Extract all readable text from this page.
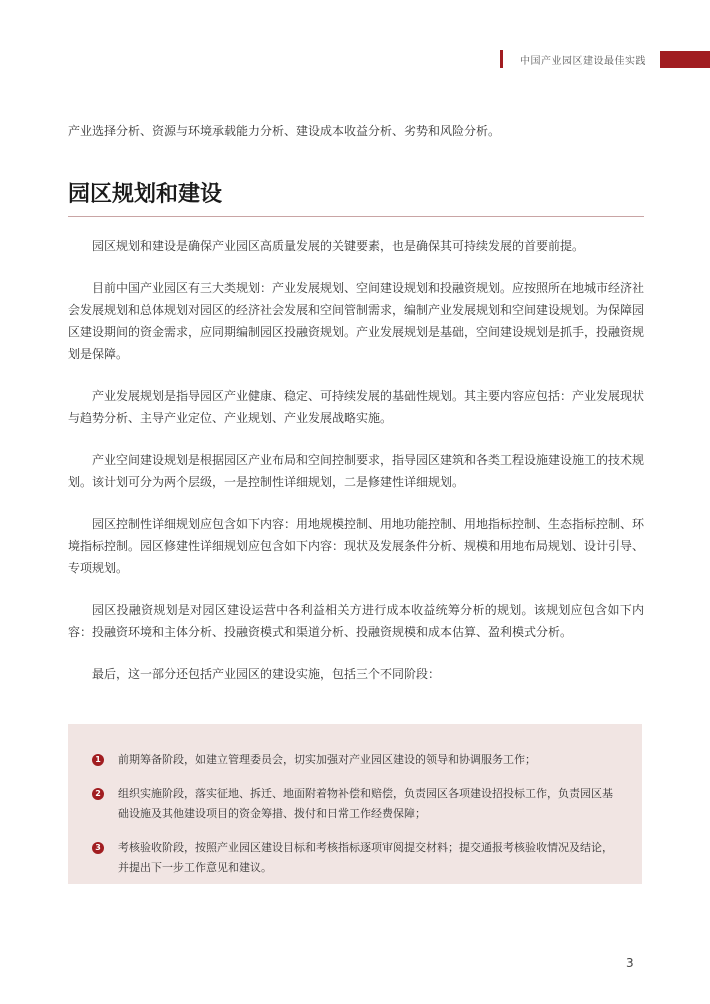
中国产业园区建设最佳实践

产业选择分析、资源与环境承载能力分析、建设成本收益分析、劣势和风险分析。

园区规划和建设

园区规划和建设是确保产业园区高质量发展的关键要素，也是确保其可持续发展的首要前提。

目前中国产业园区有三大类规划：产业发展规划、空间建设规划和投融资规划。应按照所在地城市经济社会发展规划和总体规划对园区的经济社会发展和空间管制需求，编制产业发展规划和空间建设规划。为保障园区建设期间的资金需求，应同期编制园区投融资规划。产业发展规划是基础，空间建设规划是抓手，投融资规划是保障。

产业发展规划是指导园区产业健康、稳定、可持续发展的基础性规划。其主要内容应包括：产业发展现状与趋势分析、主导产业定位、产业规划、产业发展战略实施。

产业空间建设规划是根据园区产业布局和空间控制要求，指导园区建筑和各类工程设施建设施工的技术规划。该计划可分为两个层级，一是控制性详细规划，二是修建性详细规划。

园区控制性详细规划应包含如下内容：用地规模控制、用地功能控制、用地指标控制、生态指标控制、环境指标控制。园区修建性详细规划应包含如下内容：现状及发展条件分析、规模和用地布局规划、设计引导、专项规划。

园区投融资规划是对园区建设运营中各利益相关方进行成本收益统筹分析的规划。该规划应包含如下内容：投融资环境和主体分析、投融资模式和渠道分析、投融资规模和成本估算、盈利模式分析。

最后，这一部分还包括产业园区的建设实施，包括三个不同阶段：

1 前期筹备阶段，如建立管理委员会，切实加强对产业园区建设的领导和协调服务工作；
2 组织实施阶段，落实征地、拆迁、地面附着物补偿和赔偿，负责园区各项建设招投标工作，负责园区基础设施及其他建设项目的资金筹措、拨付和日常工作经费保障；
3 考核验收阶段，按照产业园区建设目标和考核指标逐项审阅提交材料；提交通报考核验收情况及结论，并提出下一步工作意见和建议。
3
